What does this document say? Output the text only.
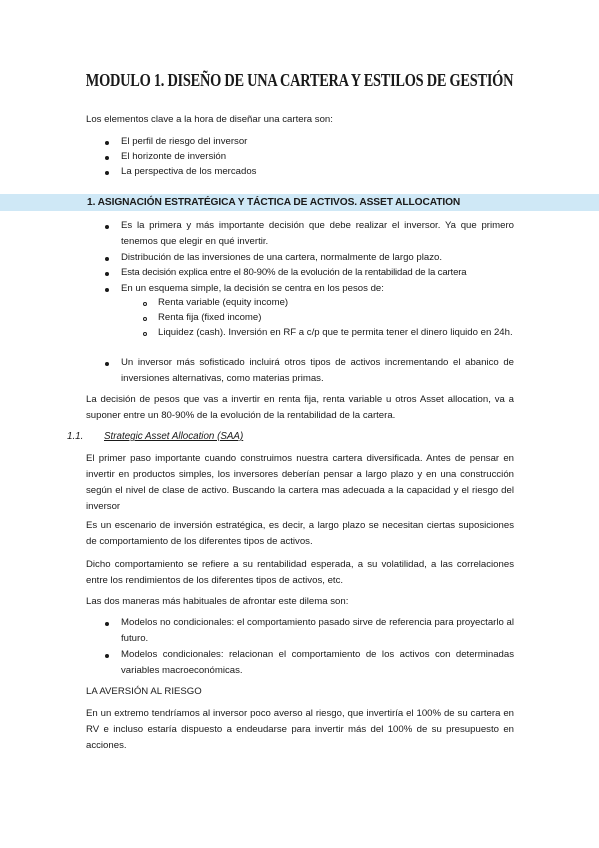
MODULO 1. DISEÑO DE UNA CARTERA Y ESTILOS DE GESTIÓN
Los elementos clave a la hora de diseñar una cartera son:
El perfil de riesgo del inversor
El horizonte de inversión
La perspectiva de los mercados
1. ASIGNACIÓN ESTRATÉGICA Y TÁCTICA DE ACTIVOS. ASSET ALLOCATION
Es la primera y más importante decisión que debe realizar el inversor. Ya que primero tenemos que elegir en qué invertir.
Distribución de las inversiones de una cartera, normalmente de largo plazo.
Esta decisión explica entre el 80-90% de la evolución de la rentabilidad de la cartera
En un esquema simple, la decisión se centra en los pesos de:
Renta variable (equity income)
Renta fija (fixed income)
Liquidez (cash). Inversión en RF a c/p que te permita tener el dinero liquido en 24h.
Un inversor más sofisticado incluirá otros tipos de activos incrementando el abanico de inversiones alternativas, como materias primas.
La decisión de pesos que vas a invertir en renta fija, renta variable u otros Asset allocation, va a suponer entre un 80-90% de la evolución de la rentabilidad de la cartera.
1.1. Strategic Asset Allocation (SAA)
El primer paso importante cuando construimos nuestra cartera diversificada. Antes de pensar en invertir en productos simples, los inversores deberían pensar a largo plazo y en una construcción según el nivel de clase de activo. Buscando la cartera mas adecuada a la capacidad y el riesgo del inversor
Es un escenario de inversión estratégica, es decir, a largo plazo se necesitan ciertas suposiciones de comportamiento de los diferentes tipos de activos.
Dicho comportamiento se refiere a su rentabilidad esperada, a su volatilidad, a las correlaciones entre los rendimientos de los diferentes tipos de activos, etc.
Las dos maneras más habituales de afrontar este dilema son:
Modelos no condicionales: el comportamiento pasado sirve de referencia para proyectarlo al futuro.
Modelos condicionales: relacionan el comportamiento de los activos con determinadas variables macroeconómicas.
LA AVERSIÓN AL RIESGO
En un extremo tendríamos al inversor poco averso al riesgo, que invertiría el 100% de su cartera en RV e incluso estaría dispuesto a endeudarse para invertir más del 100% de su presupuesto en acciones.
